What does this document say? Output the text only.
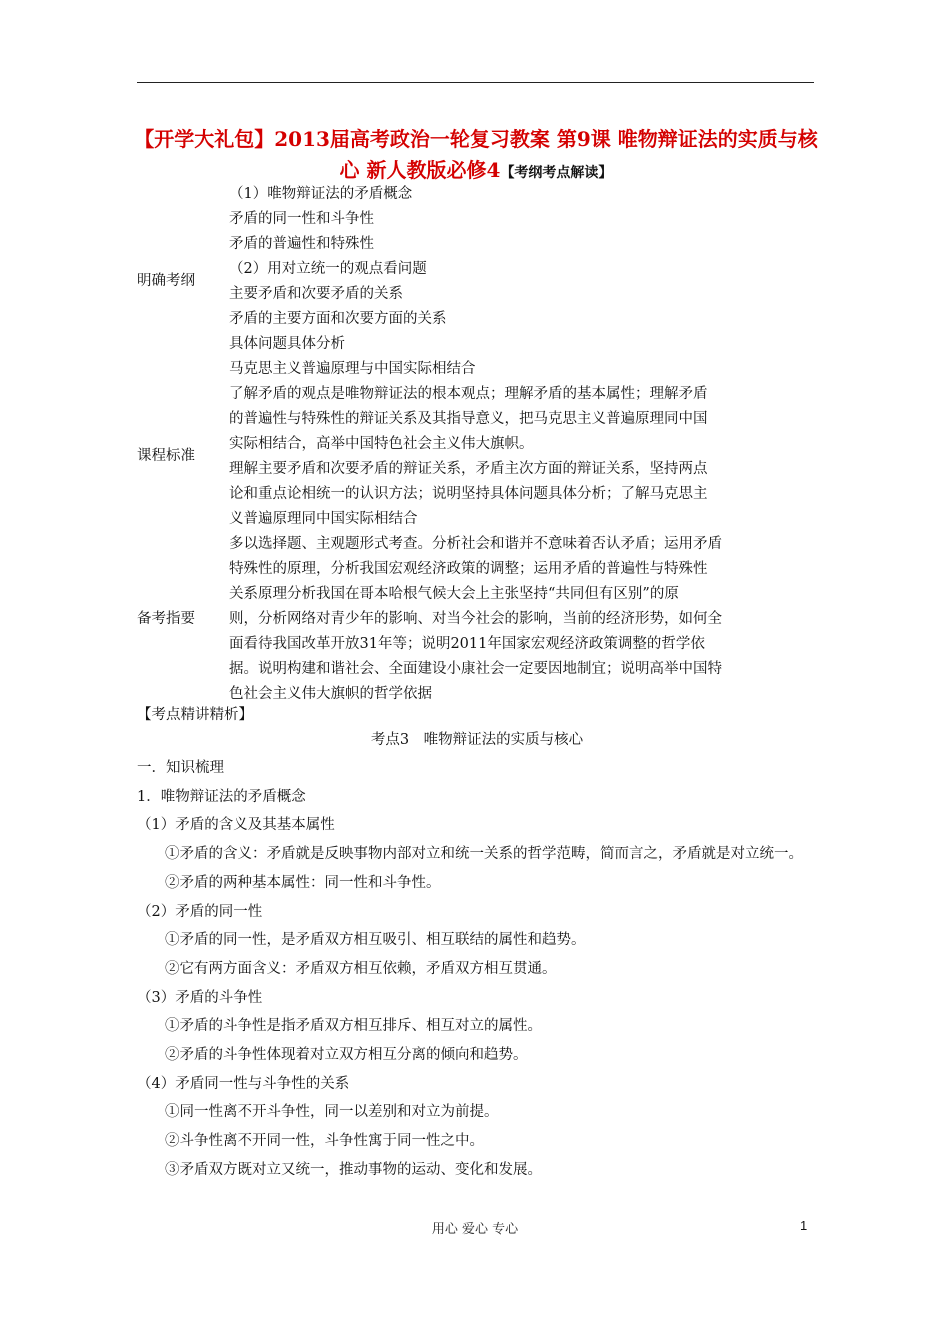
【开学大礼包】2013届高考政治一轮复习教案 第9课 唯物辩证法的实质与核心 新人教版必修4【考纲考点解读】
明确考纲

（1）唯物辩证法的矛盾概念

矛盾的同一性和斗争性

矛盾的普遍性和特殊性

（2）用对立统一的观点看问题

主要矛盾和次要矛盾的关系

矛盾的主要方面和次要方面的关系

具体问题具体分析

马克思主义普遍原理与中国实际相结合

课程标准

了解矛盾的观点是唯物辩证法的根本观点；理解矛盾的基本属性；理解矛盾

的普遍性与特殊性的辩证关系及其指导意义，把马克思主义普遍原理同中国

实际相结合，高举中国特色社会主义伟大旗帜。

理解主要矛盾和次要矛盾的辩证关系，矛盾主次方面的辩证关系，坚持两点

论和重点论相统一的认识方法；说明坚持具体问题具体分析；了解马克思主

义普遍原理同中国实际相结合

备考指要

多以选择题、主观题形式考查。分析社会和谐并不意味着否认矛盾；运用矛盾

特殊性的原理，分析我国宏观经济政策的调整；运用矛盾的普遍性与特殊性

关系原理分析我国在哥本哈根气候大会上主张坚持“共同但有区别”的原

则，分析网络对青少年的影响、对当今社会的影响，当前的经济形势，如何全

面看待我国改革开放31年等；说明2011年国家宏观经济政策调整的哲学依

据。说明构建和谐社会、全面建设小康社会一定要因地制宜；说明高举中国特

色社会主义伟大旗帜的哲学依据

【考点精讲精析】

考点3　唯物辩证法的实质与核心

一．知识梳理

1．唯物辩证法的矛盾概念

（1）矛盾的含义及其基本属性

①矛盾的含义：矛盾就是反映事物内部对立和统一关系的哲学范畴，简而言之，矛盾就是对立统一。

②矛盾的两种基本属性：同一性和斗争性。

（2）矛盾的同一性

①矛盾的同一性，是矛盾双方相互吸引、相互联结的属性和趋势。

②它有两方面含义：矛盾双方相互依赖，矛盾双方相互贯通。

（3）矛盾的斗争性

①矛盾的斗争性是指矛盾双方相互排斥、相互对立的属性。

②矛盾的斗争性体现着对立双方相互分离的倾向和趋势。

（4）矛盾同一性与斗争性的关系

①同一性离不开斗争性，同一以差别和对立为前提。

②斗争性离不开同一性，斗争性寓于同一性之中。

③矛盾双方既对立又统一，推动事物的运动、变化和发展。

用心 爱心 专心	1
